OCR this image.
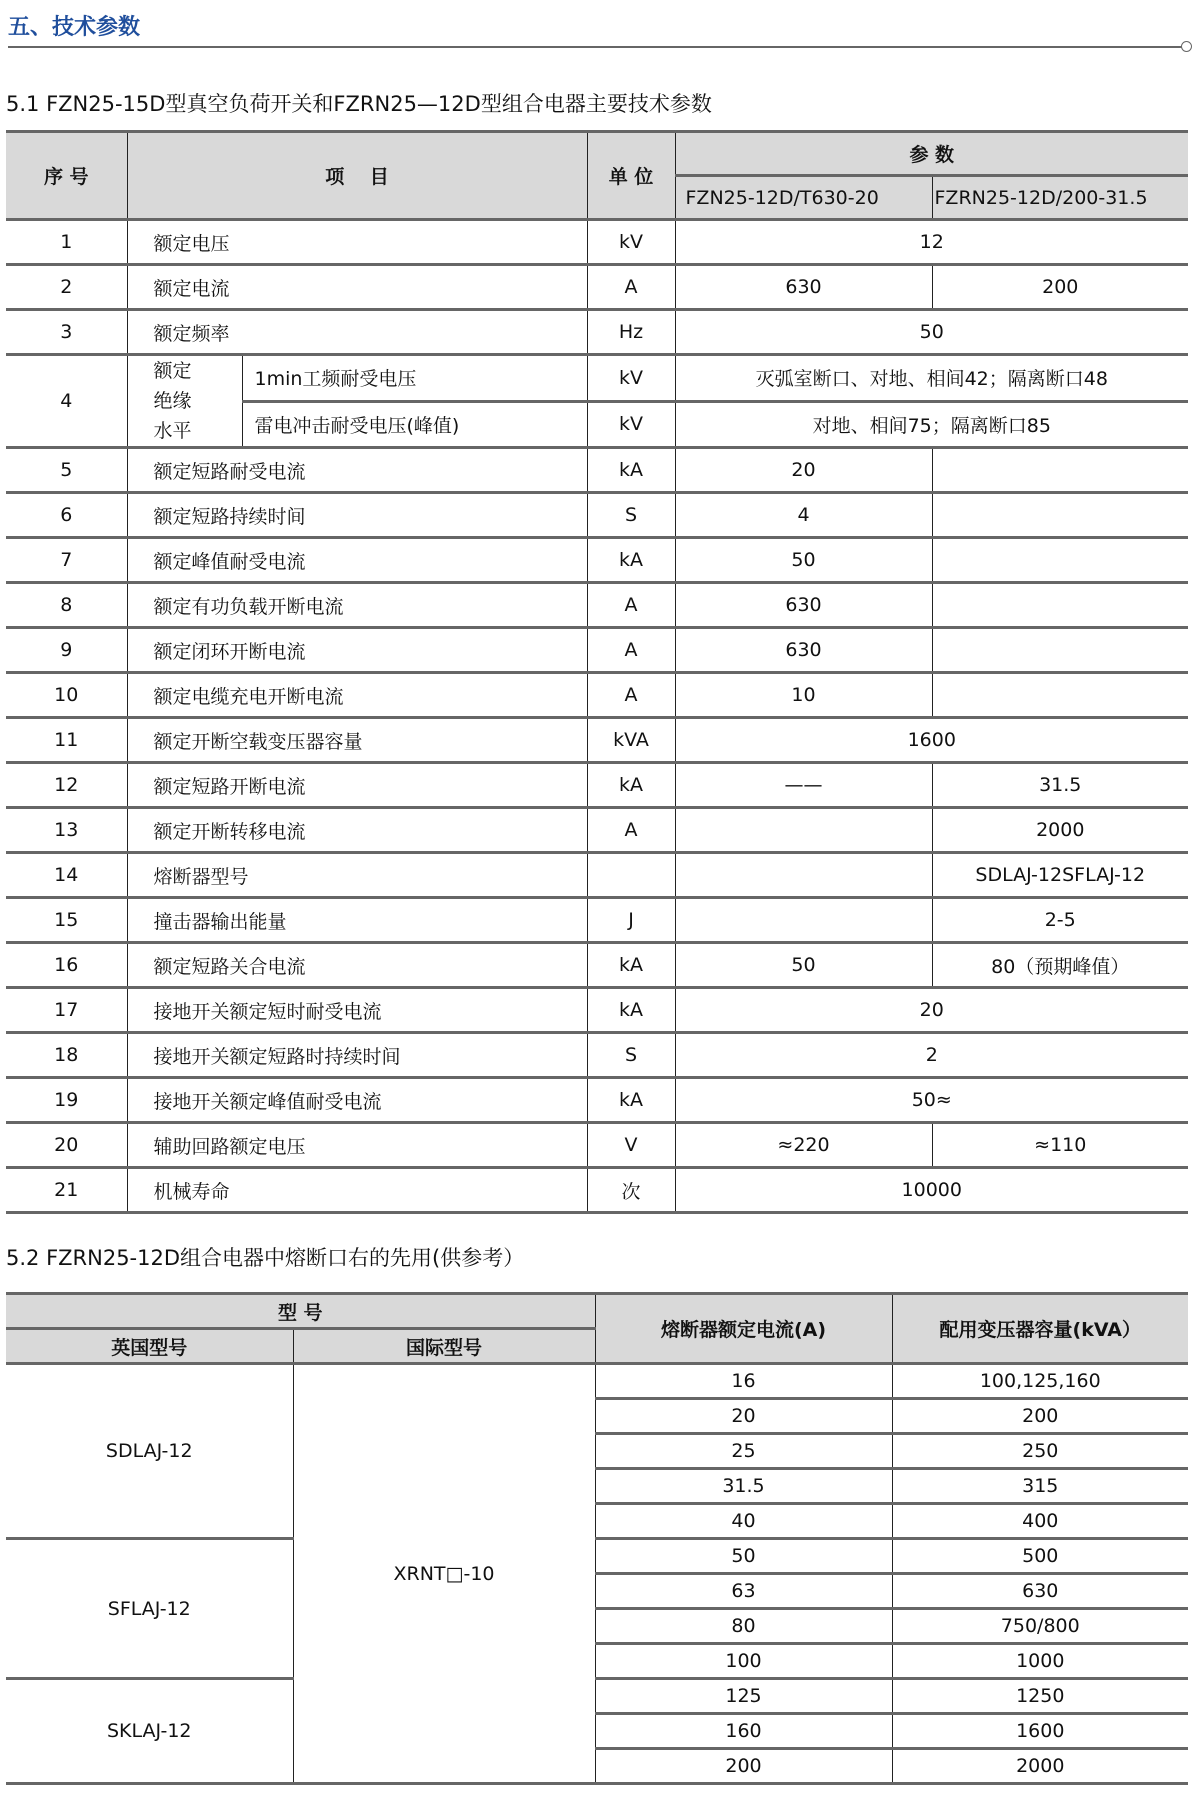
五、技术参数
5.1 FZN25-15D型真空负荷开关和FZRN25—12D型组合电器主要技术参数
序 号	项　 目		单 位	参 数	
				FZN25-12D/T630-20	FZRN25-12D/200-31.5
1	额定电压		kV	12	
2	额定电流		A	630	200
3	额定频率		Hz	50	
4	额定绝缘水平	1min工频耐受电压	kV	灭弧室断口、对地、相间42；隔离断口48	
		雷电冲击耐受电压(峰值)	kV	对地、相间75；隔离断口85	
5	额定短路耐受电流		kA	20	
6	额定短路持续时间		S	4	
7	额定峰值耐受电流		kA	50	
8	额定有功负载开断电流		A	630	
9	额定闭环开断电流		A	630	
10	额定电缆充电开断电流		A	10	
11	额定开断空载变压器容量		kVA	1600	
12	额定短路开断电流		kA	——	31.5
13	额定开断转移电流		A		2000
14	熔断器型号				SDLAJ-12SFLAJ-12
15	撞击器输出能量		J		2-5
16	额定短路关合电流		kA	50	80（预期峰值）
17	接地开关额定短时耐受电流		kA	20	
18	接地开关额定短路时持续时间		S	2	
19	接地开关额定峰值耐受电流		kA	50≈	
20	辅助回路额定电压		V	≈220	≈110
21	机械寿命		次	10000	
5.2 FZRN25-12D组合电器中熔断口右的先用(供参考）
型 号		熔断器额定电流(A)	配用变压器容量(kVA）
英国型号	国际型号		
SDLAJ-12	XRNT□-10	16	100,125,160
		20	200
		25	250
		31.5	315
		40	400
SFLAJ-12		50	500
		63	630
		80	750/800
		100	1000
SKLAJ-12		125	1250
		160	1600
		200	2000
